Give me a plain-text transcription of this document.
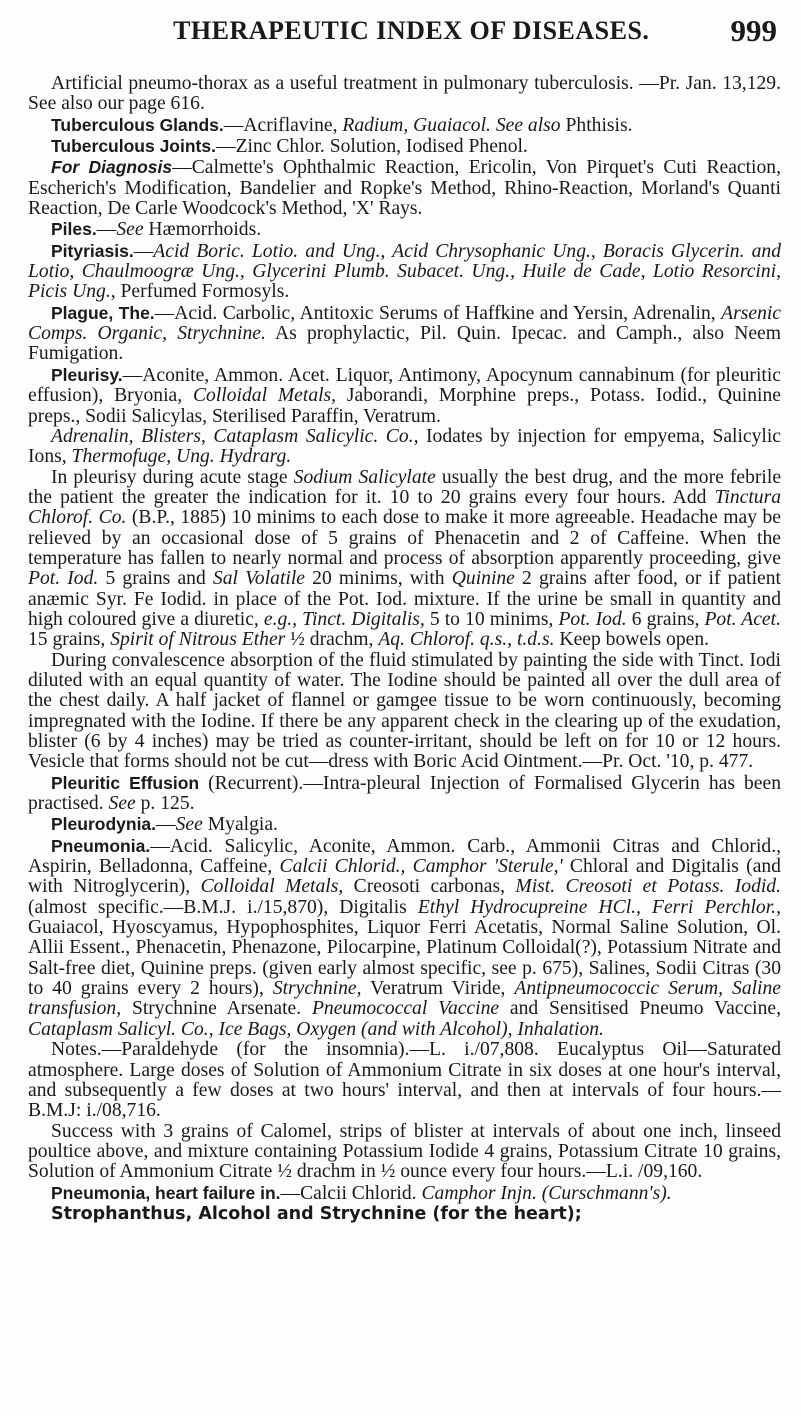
THERAPEUTIC INDEX OF DISEASES.	999

Artificial pneumo-thorax as a useful treatment in pulmonary tuberculosis. —Pr. Jan. 13,129. See also our page 616.

Tuberculous Glands.—Acriflavine, Radium, Guaiacol. See also Phthisis.

Tuberculous Joints.—Zinc Chlor. Solution, Iodised Phenol.

For Diagnosis—Calmette's Ophthalmic Reaction, Ericolin, Von Pirquet's Cuti Reaction, Escherich's Modification, Bandelier and Ropke's Method, Rhino-Reaction, Morland's Quanti Reaction, De Carle Woodcock's Method, 'X' Rays.

Piles.—See Hæmorrhoids.

Pityriasis.—Acid Boric. Lotio. and Ung., Acid Chrysophanic Ung., Boracis Glycerin. and Lotio, Chaulmoogræ Ung., Glycerini Plumb. Subacet. Ung., Huile de Cade, Lotio Resorcini, Picis Ung., Perfumed Formosyls.

Plague, The.—Acid. Carbolic, Antitoxic Serums of Haffkine and Yersin, Adrenalin, Arsenic Comps. Organic, Strychnine. As prophylactic, Pil. Quin. Ipecac. and Camph., also Neem Fumigation.

Pleurisy.—Aconite, Ammon. Acet. Liquor, Antimony, Apocynum cannabinum (for pleuritic effusion), Bryonia, Colloidal Metals, Jaborandi, Morphine preps., Potass. Iodid., Quinine preps., Sodii Salicylas, Sterilised Paraffin, Veratrum.

Adrenalin, Blisters, Cataplasm Salicylic. Co., Iodates by injection for empyema, Salicylic Ions, Thermofuge, Ung. Hydrarg.

In pleurisy during acute stage Sodium Salicylate usually the best drug, and the more febrile the patient the greater the indication for it. 10 to 20 grains every four hours. Add Tinctura Chlorof. Co. (B.P., 1885) 10 minims to each dose to make it more agreeable. Headache may be relieved by an occasional dose of 5 grains of Phenacetin and 2 of Caffeine. When the temperature has fallen to nearly normal and process of absorption apparently proceeding, give Pot. Iod. 5 grains and Sal Volatile 20 minims, with Quinine 2 grains after food, or if patient anæmic Syr. Fe Iodid. in place of the Pot. Iod. mixture. If the urine be small in quantity and high coloured give a diuretic, e.g., Tinct. Digitalis, 5 to 10 minims, Pot. Iod. 6 grains, Pot. Acet. 15 grains, Spirit of Nitrous Ether ½ drachm, Aq. Chlorof. q.s., t.d.s. Keep bowels open.

During convalescence absorption of the fluid stimulated by painting the side with Tinct. Iodi diluted with an equal quantity of water. The Iodine should be painted all over the dull area of the chest daily. A half jacket of flannel or gamgee tissue to be worn continuously, becoming impregnated with the Iodine. If there be any apparent check in the clearing up of the exudation, blister (6 by 4 inches) may be tried as counter-irritant, should be left on for 10 or 12 hours. Vesicle that forms should not be cut—dress with Boric Acid Ointment.—Pr. Oct. '10, p. 477.

Pleuritic Effusion (Recurrent).—Intra-pleural Injection of Formalised Glycerin has been practised. See p. 125.

Pleurodynia.—See Myalgia.

Pneumonia.—Acid. Salicylic, Aconite, Ammon. Carb., Ammonii Citras and Chlorid., Aspirin, Belladonna, Caffeine, Calcii Chlorid., Camphor 'Sterule,' Chloral and Digitalis (and with Nitroglycerin), Colloidal Metals, Creosoti carbonas, Mist. Creosoti et Potass. Iodid. (almost specific.—B.M.J. i./15,870), Digitalis Ethyl Hydrocupreine HCl., Ferri Perchlor., Guaiacol, Hyoscyamus, Hypophosphites, Liquor Ferri Acetatis, Normal Saline Solution, Ol. Allii Essent., Phenacetin, Phenazone, Pilocarpine, Platinum Colloidal(?), Potassium Nitrate and Salt-free diet, Quinine preps. (given early almost specific, see p. 675), Salines, Sodii Citras (30 to 40 grains every 2 hours), Strychnine, Veratrum Viride, Antipneumococcic Serum, Saline transfusion, Strychnine Arsenate. Pneumococcal Vaccine and Sensitised Pneumo Vaccine, Cataplasm Salicyl. Co., Ice Bags, Oxygen (and with Alcohol), Inhalation.

Notes.—Paraldehyde (for the insomnia).—L. i./07,808. Eucalyptus Oil—Saturated atmosphere. Large doses of Solution of Ammonium Citrate in six doses at one hour's interval, and subsequently a few doses at two hours' interval, and then at intervals of four hours.—B.M.J: i./08,716.

Success with 3 grains of Calomel, strips of blister at intervals of about one inch, linseed poultice above, and mixture containing Potassium Iodide 4 grains, Potassium Citrate 10 grains, Solution of Ammonium Citrate ½ drachm in ½ ounce every four hours.—L.i. /09,160.

Pneumonia, heart failure in.—Calcii Chlorid. Camphor Injn. (Curschmann's).

Strophanthus, Alcohol and Strychnine (for the heart);
